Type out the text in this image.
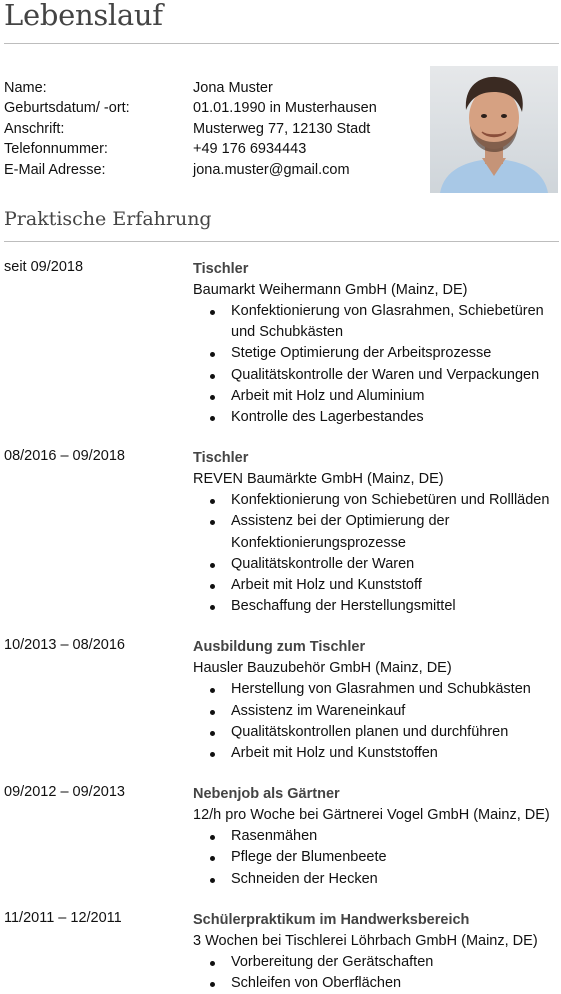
Lebenslauf
Name:	Jona Muster
Geburtsdatum/ -ort:	01.01.1990 in Musterhausen
Anschrift:	Musterweg 77, 12130 Stadt
Telefonnummer:	+49 176 6934443
E-Mail Adresse:	jona.muster@gmail.com
Praktische Erfahrung
seit 09/2018	Tischler
Baumarkt Weihermann GmbH (Mainz, DE)
Konfektionierung von Glasrahmen, Schiebetüren und Schubkästen
Stetige Optimierung der Arbeitsprozesse
Qualitätskontrolle der Waren und Verpackungen
Arbeit mit Holz und Aluminium
Kontrolle des Lagerbestandes
08/2016 – 09/2018	Tischler
REVEN Baumärkte GmbH (Mainz, DE)
Konfektionierung von Schiebetüren und Rollläden
Assistenz bei der Optimierung der Konfektionierungsprozesse
Qualitätskontrolle der Waren
Arbeit mit Holz und Kunststoff
Beschaffung der Herstellungsmittel
10/2013 – 08/2016	Ausbildung zum Tischler
Hausler Bauzubehör GmbH (Mainz, DE)
Herstellung von Glasrahmen und Schubkästen
Assistenz im Wareneinkauf
Qualitätskontrollen planen und durchführen
Arbeit mit Holz und Kunststoffen
09/2012 – 09/2013	Nebenjob als Gärtner
12/h pro Woche bei Gärtnerei Vogel GmbH (Mainz, DE)
Rasenmähen
Pflege der Blumenbeete
Schneiden der Hecken
11/2011 – 12/2011	Schülerpraktikum im Handwerksbereich
3 Wochen bei Tischlerei Löhrbach GmbH (Mainz, DE)
Vorbereitung der Gerätschaften
Schleifen von Oberflächen
